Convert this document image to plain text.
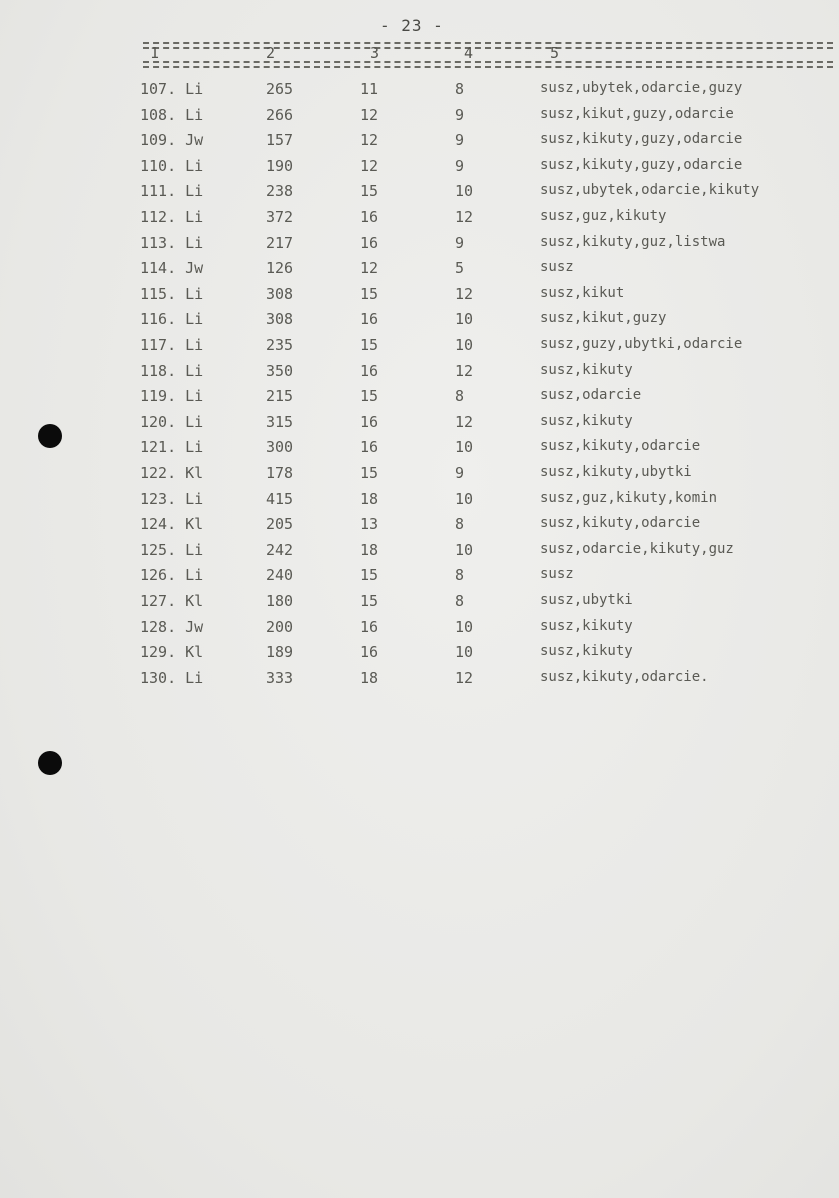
- 23 -
1	2	3	4	5
107. Li	265	11	8	susz,ubytek,odarcie,guzy
108. Li	266	12	9	susz,kikut,guzy,odarcie
109. Jw	157	12	9	susz,kikuty,guzy,odarcie
110. Li	190	12	9	susz,kikuty,guzy,odarcie
111. Li	238	15	10	susz,ubytek,odarcie,kikuty
112. Li	372	16	12	susz,guz,kikuty
113. Li	217	16	9	susz,kikuty,guz,listwa
114. Jw	126	12	5	susz
115. Li	308	15	12	susz,kikut
116. Li	308	16	10	susz,kikut,guzy
117. Li	235	15	10	susz,guzy,ubytki,odarcie
118. Li	350	16	12	susz,kikuty
119. Li	215	15	8	susz,odarcie
120. Li	315	16	12	susz,kikuty
121. Li	300	16	10	susz,kikuty,odarcie
122. Kl	178	15	9	susz,kikuty,ubytki
123. Li	415	18	10	susz,guz,kikuty,komin
124. Kl	205	13	8	susz,kikuty,odarcie
125. Li	242	18	10	susz,odarcie,kikuty,guz
126. Li	240	15	8	susz
127. Kl	180	15	8	susz,ubytki
128. Jw	200	16	10	susz,kikuty
129. Kl	189	16	10	susz,kikuty
130. Li	333	18	12	susz,kikuty,odarcie.
